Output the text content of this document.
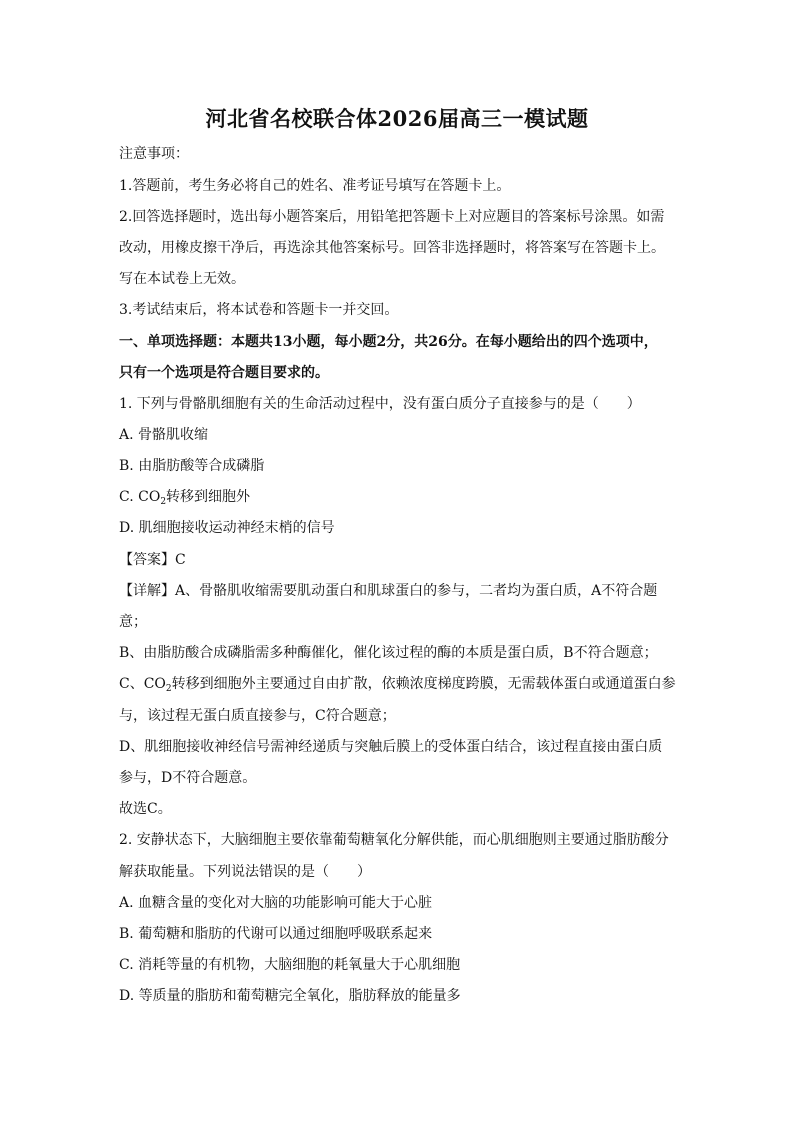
河北省名校联合体2026届高三一模试题
注意事项：
1.答题前，考生务必将自己的姓名、准考证号填写在答题卡上。
2.回答选择题时，选出每小题答案后，用铅笔把答题卡上对应题目的答案标号涂黑。如需
改动，用橡皮擦干净后，再选涂其他答案标号。回答非选择题时，将答案写在答题卡上。
写在本试卷上无效。
3.考试结束后，将本试卷和答题卡一并交回。
一、单项选择题：本题共13小题，每小题2分，共26分。在每小题给出的四个选项中，
只有一个选项是符合题目要求的。
1. 下列与骨骼肌细胞有关的生命活动过程中，没有蛋白质分子直接参与的是（　　）
A. 骨骼肌收缩
B. 由脂肪酸等合成磷脂
C. $CO_2$转移到细胞外
D. 肌细胞接收运动神经末梢的信号
【答案】C
【详解】A、骨骼肌收缩需要肌动蛋白和肌球蛋白的参与，二者均为蛋白质，A不符合题
意；
B、由脂肪酸合成磷脂需多种酶催化，催化该过程的酶的本质是蛋白质，B不符合题意；
C、$CO_2$转移到细胞外主要通过自由扩散，依赖浓度梯度跨膜，无需载体蛋白或通道蛋白参
与，该过程无蛋白质直接参与，C符合题意；
D、肌细胞接收神经信号需神经递质与突触后膜上的受体蛋白结合，该过程直接由蛋白质
参与，D不符合题意。
故选C。
2. 安静状态下，大脑细胞主要依靠葡萄糖氧化分解供能，而心肌细胞则主要通过脂肪酸分
解获取能量。下列说法错误的是（　　）
A. 血糖含量的变化对大脑的功能影响可能大于心脏
B. 葡萄糖和脂肪的代谢可以通过细胞呼吸联系起来
C. 消耗等量的有机物，大脑细胞的耗氧量大于心肌细胞
D. 等质量的脂肪和葡萄糖完全氧化，脂肪释放的能量多
